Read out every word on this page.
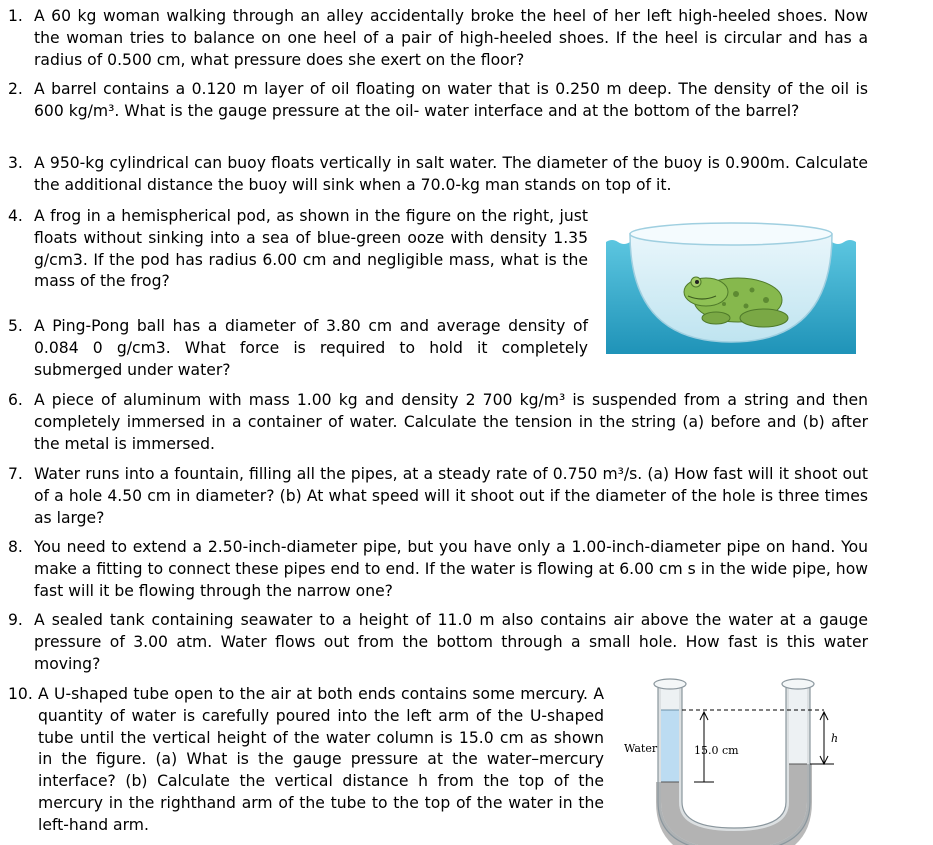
1. A 60 kg woman walking through an alley accidentally broke the heel of her left high-heeled shoes. Now the woman tries to balance on one heel of a pair of high-heeled shoes. If the heel is circular and has a radius of 0.500 cm, what pressure does she exert on the floor?
2. A barrel contains a 0.120 m layer of oil floating on water that is 0.250 m deep. The density of the oil is 600 kg/m³. What is the gauge pressure at the oil- water interface and at the bottom of the barrel?
3. A 950-kg cylindrical can buoy floats vertically in salt water. The diameter of the buoy is 0.900m. Calculate the additional distance the buoy will sink when a 70.0-kg man stands on top of it.
4. A frog in a hemispherical pod, as shown in the figure on the right, just floats without sinking into a sea of blue-green ooze with density 1.35 g/cm3. If the pod has radius 6.00 cm and negligible mass, what is the mass of the frog?
5. A Ping-Pong ball has a diameter of 3.80 cm and average density of 0.084 0 g/cm3. What force is required to hold it completely submerged under water?
6. A piece of aluminum with mass 1.00 kg and density 2 700 kg/m³ is suspended from a string and then completely immersed in a container of water. Calculate the tension in the string (a) before and (b) after the metal is immersed.
7. Water runs into a fountain, filling all the pipes, at a steady rate of 0.750 m³/s. (a) How fast will it shoot out of a hole 4.50 cm in diameter? (b) At what speed will it shoot out if the diameter of the hole is three times as large?
8. You need to extend a 2.50-inch-diameter pipe, but you have only a 1.00-inch-diameter pipe on hand. You make a fitting to connect these pipes end to end. If the water is flowing at 6.00 cm s in the wide pipe, how fast will it be flowing through the narrow one?
9. A sealed tank containing seawater to a height of 11.0 m also contains air above the water at a gauge pressure of 3.00 atm. Water flows out from the bottom through a small hole. How fast is this water moving?
10. A U-shaped tube open to the air at both ends contains some mercury. A quantity of water is carefully poured into the left arm of the U-shaped tube until the vertical height of the water column is 15.0 cm as shown in the figure. (a) What is the gauge pressure at the water–mercury interface? (b) Calculate the vertical distance h from the top of the mercury in the righthand arm of the tube to the top of the water in the left-hand arm.
Water	15.0 cm
h
